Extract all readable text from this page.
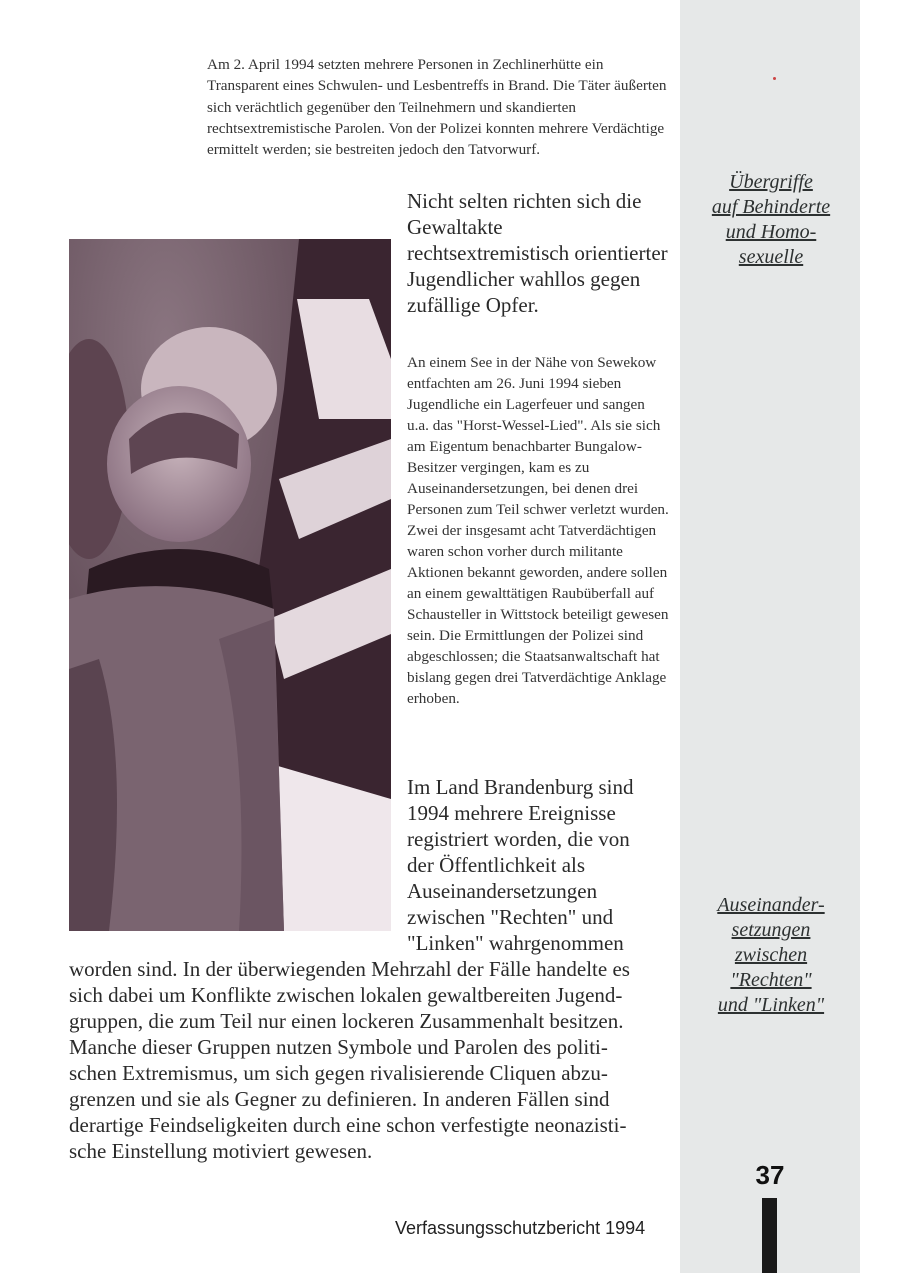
Übergriffe
auf Behinderte
und Homo-
sexuelle
Auseinander-
setzungen
zwischen
"Rechten"
und "Linken"
Am 2. April 1994 setzten mehrere Personen in Zechlinerhütte ein Transparent eines Schwulen- und Lesbentreffs in Brand. Die Täter äußerten sich verächtlich gegenüber den Teilnehmern und skandierten rechtsextremistische Parolen. Von der Polizei konnten mehrere Verdächtige ermittelt werden; sie bestreiten jedoch den Tatvorwurf.
Nicht selten richten sich die Gewaltakte rechtsextremistisch orientierter Jugendlicher wahllos gegen zufällige Opfer.
An einem See in der Nähe von Sewekow entfachten am 26. Juni 1994 sieben Jugendliche ein Lagerfeuer und sangen u.a. das "Horst-Wessel-Lied". Als sie sich am Eigentum benachbarter Bungalow-Besitzer vergingen, kam es zu Auseinandersetzungen, bei denen drei Personen zum Teil schwer verletzt wurden. Zwei der insgesamt acht Tatverdächtigen waren schon vorher durch militante Aktionen bekannt geworden, andere sollen an einem gewalttätigen Raubüberfall auf Schausteller in Wittstock beteiligt gewesen sein. Die Ermittlungen der Polizei sind abgeschlossen; die Staatsanwaltschaft hat bislang gegen drei Tatverdächtige Anklage erhoben.
Im Land Brandenburg sind
1994 mehrere Ereignisse
registriert worden, die von
der Öffentlichkeit als
Auseinandersetzungen
zwischen "Rechten" und
"Linken" wahrgenommen
worden sind. In der überwiegenden Mehrzahl der Fälle handelte es
sich dabei um Konflikte zwischen lokalen gewaltbereiten Jugend-
gruppen, die zum Teil nur einen lockeren Zusammenhalt besitzen.
Manche dieser Gruppen nutzen Symbole und Parolen des politi-
schen Extremismus, um sich gegen rivalisierende Cliquen abzu-
grenzen und sie als Gegner zu definieren. In anderen Fällen sind
derartige Feindseligkeiten durch eine schon verfestigte neonazisti-
sche Einstellung motiviert gewesen.
37
Verfassungsschutzbericht 1994
